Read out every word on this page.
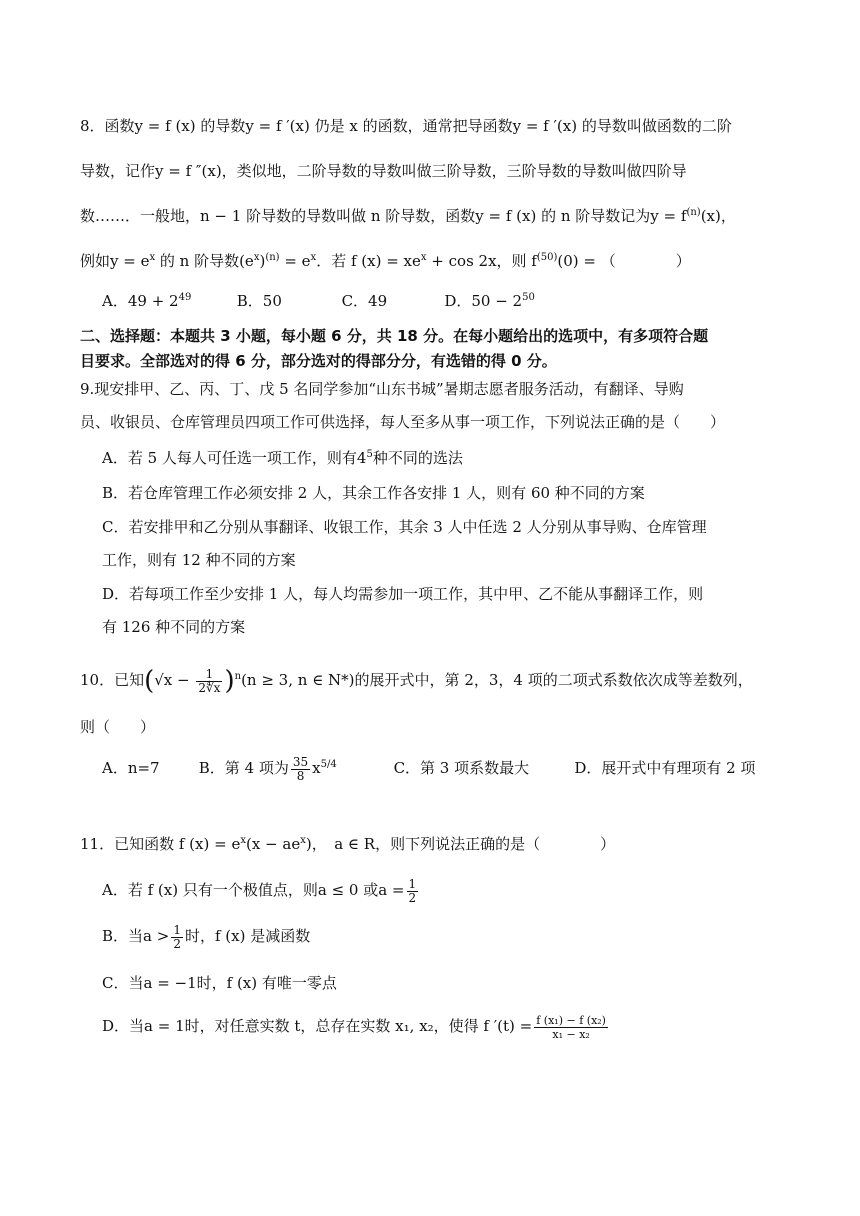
8．函数y = f (x) 的导数y = f ′(x) 仍是 x 的函数，通常把导函数y = f ′(x) 的导数叫做函数的二阶
导数，记作y = f ″(x)，类似地，二阶导数的导数叫做三阶导数，三阶导数的导数叫做四阶导
数……．一般地，n − 1 阶导数的导数叫做 n 阶导数，函数y = f (x) 的 n 阶导数记为$y = f^{(n)}(x)$，
例如$y = e^x$ 的 n 阶导数$(e^x)^{(n)} = e^x$．若 f $(x) = xe^x + \cos 2x$，则 $f^{(50)}(0)$ = （　　　　）
A．$49 + 2^{49}$	B．50	C．49	D．$50 - 2^{50}$
二、选择题：本题共 3 小题，每小题 6 分，共 18 分。在每小题给出的选项中，有多项符合题
目要求。全部选对的得 6 分，部分选对的得部分分，有选错的得 0 分。
9.现安排甲、乙、丙、丁、戊 5 名同学参加“山东书城”暑期志愿者服务活动，有翻译、导购
员、收银员、仓库管理员四项工作可供选择，每人至多从事一项工作，下列说法正确的是（　　）
A．若 5 人每人可任选一项工作，则有$4^5$种不同的选法
B．若仓库管理工作必须安排 2 人，其余工作各安排 1 人，则有 60 种不同的方案
C．若安排甲和乙分别从事翻译、收银工作，其余 3 人中任选 2 人分别从事导购、仓库管理
工作，则有 12 种不同的方案
D．若每项工作至少安排 1 人，每人均需参加一项工作，其中甲、乙不能从事翻译工作，则
有 126 种不同的方案
10．已知$(√x - \frac{1}{2∜x} )^n(n \ge 3$, n ∈ N*)的展开式中，第 2，3，4 项的二项式系数依次成等差数列，
则（　　）
A．n=7	B．第 4 项为 $\frac{35}{8} x^{5/4}$	C．第 3 项系数最大	D．展开式中有理项有 2 项
11．已知函数 f $(x) = e^x(x - ae^x)$，　a ∈ R，则下列说法正确的是（　　　　）
A．若 f (x) 只有一个极值点，则a ≤ 0 或$a = \frac{1}{2}$
B．当$a > \frac{1}{2}$ 时，f (x) 是减函数
C．当a = −1时，f (x) 有唯一零点
D．当a = 1时，对任意实数 t，总存在实数 x₁, x₂，使得 f $'(t) = \frac{\text{f (x₁) − f (x₂)}}{\text{x₁ − x₂}}$
